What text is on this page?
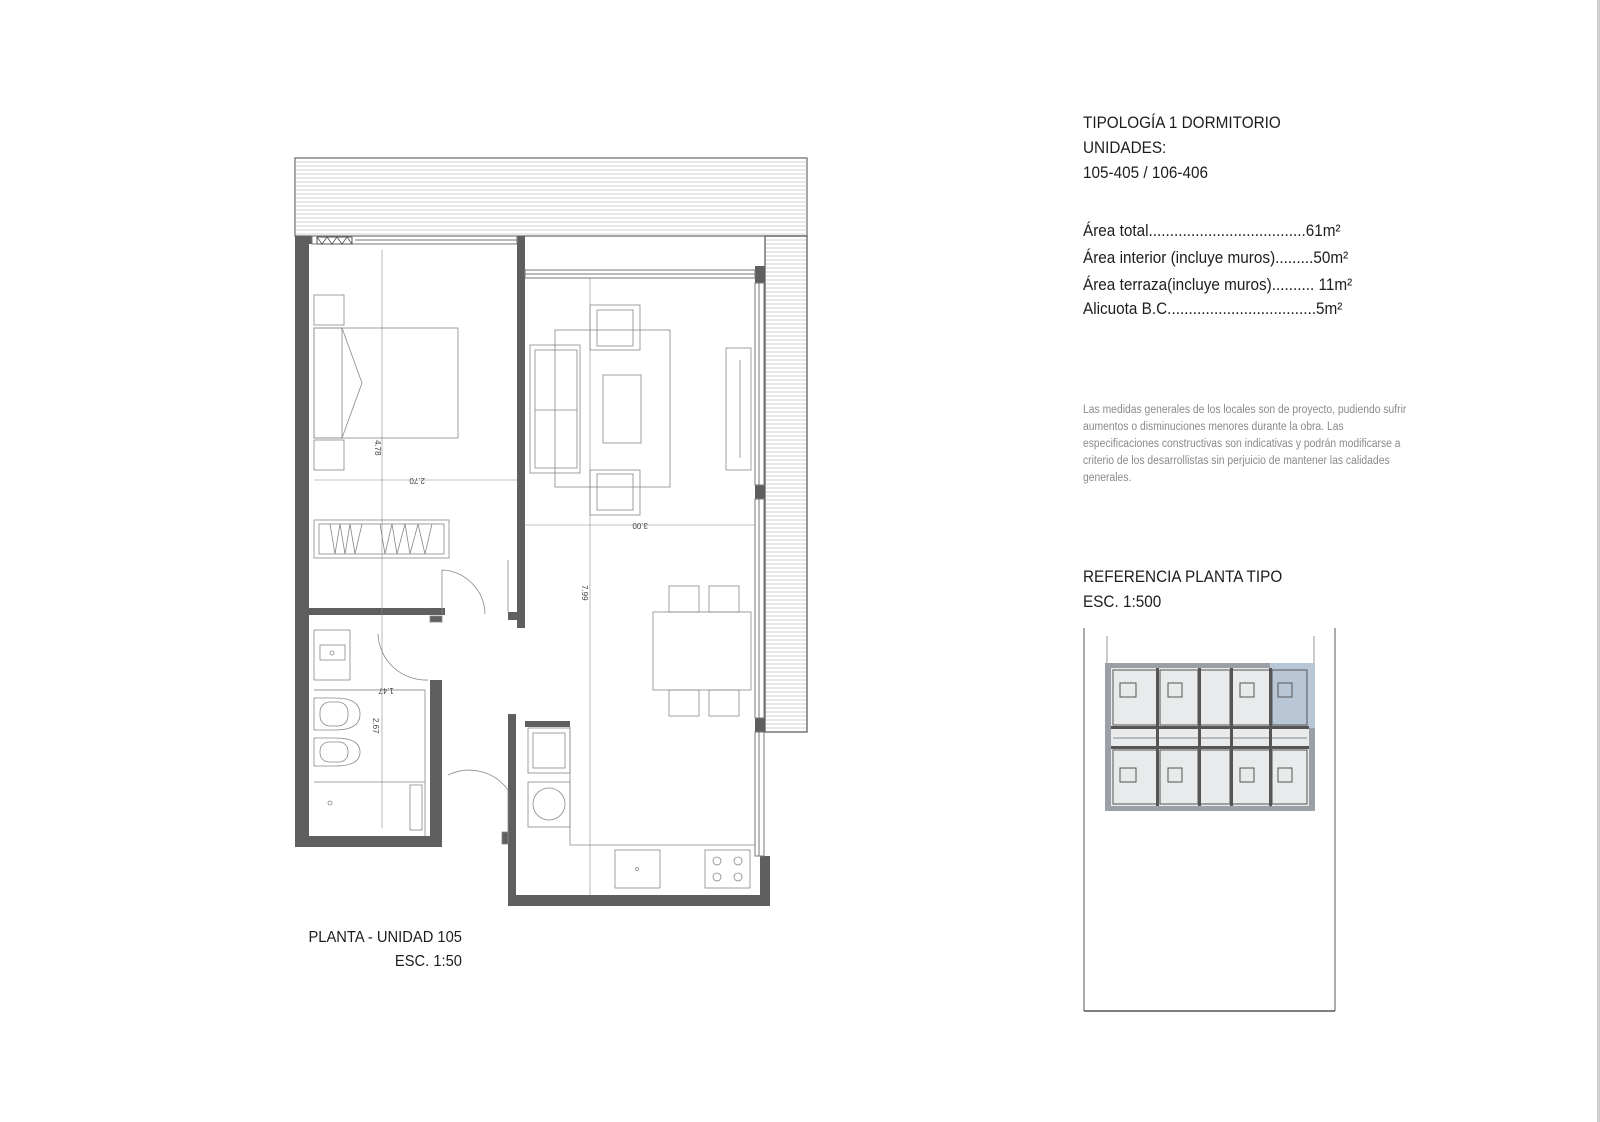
TIPOLOGÍA 1 DORMITORIO
UNIDADES:
105-405 / 106-406
Área total.....................................61m²
Área interior (incluye muros).........50m²
Área terraza(incluye muros).......... 11m²
Alicuota B.C...................................5m²
Las medidas generales de los locales son de proyecto, pudiendo sufrir aumentos o disminuciones menores durante la obra. Las especificaciones constructivas son indicativas y podrán modificarse a criterio de los desarrollistas sin perjuicio de mantener las calidades generales.
REFERENCIA PLANTA TIPO
ESC. 1:500
4.78
2.70
3.00
7.99
1.47
2.67
PLANTA - UNIDAD 105
ESC. 1:50
